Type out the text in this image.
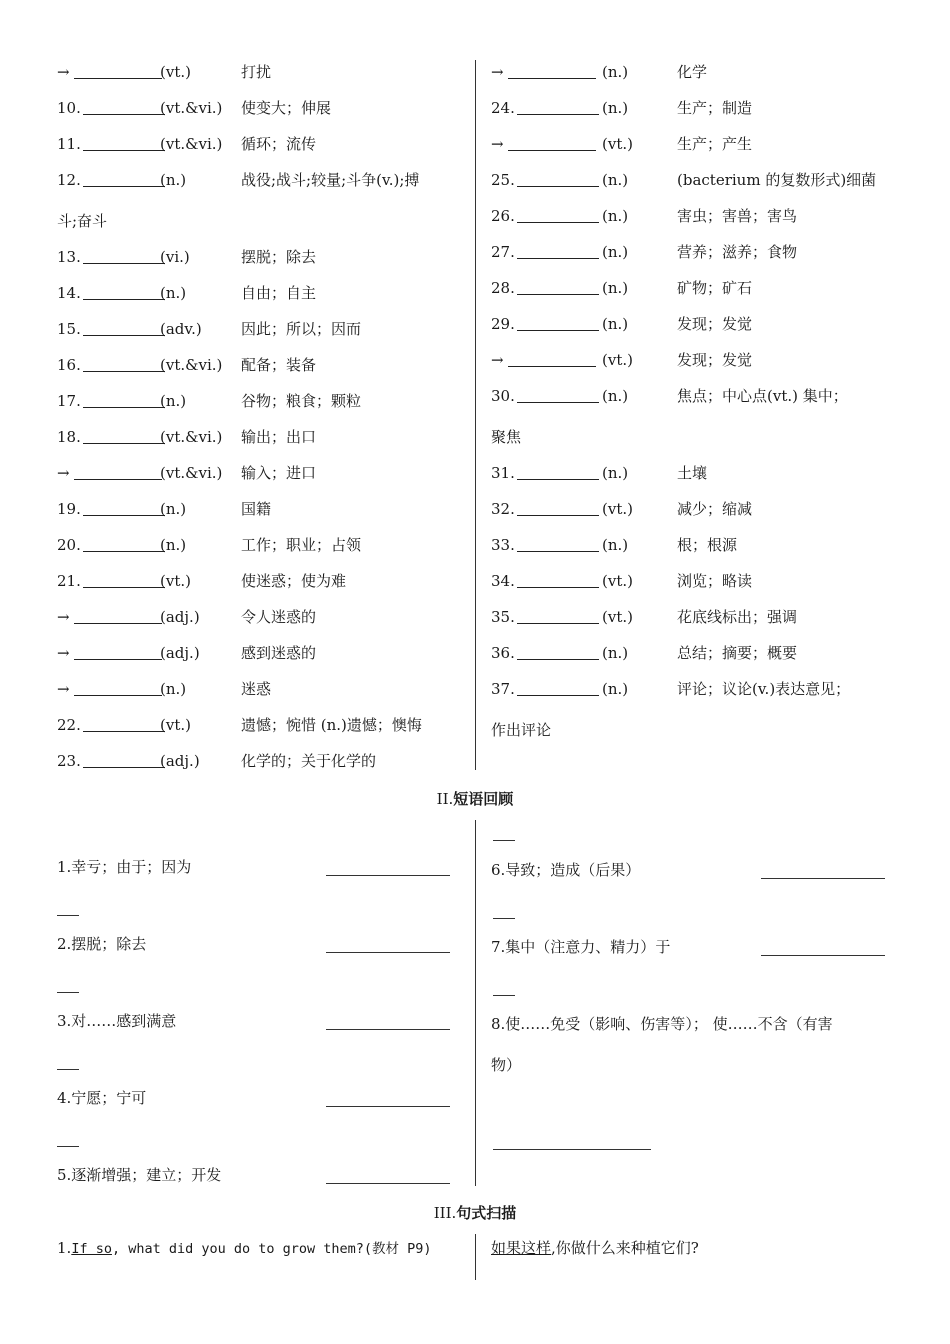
→	(vt.)	打扰
10.	(vt.&vi.) 使变大；伸展
11.	(vt.&vi.) 循环；流传
12.	(n.)	战役;战斗;较量;斗争(v.);搏
斗;奋斗
13.	(vi.)	摆脱；除去
14.	(n.)	自由；自主
15.	(adv.)	因此；所以；因而
16.	(vt.&vi.) 配备；装备
17.	(n.)	谷物；粮食；颗粒
18.	(vt.&vi.) 输出；出口
→	(vt.&vi.) 输入；进口
19.	(n.)	国籍
20.	(n.)	工作；职业；占领
21.	(vt.)	使迷惑；使为难
→	(adj.)	令人迷惑的
→	(adj.)	感到迷惑的
→	(n.)	迷惑
22.	(vt.)	遗憾；惋惜 (n.)遗憾；懊悔
23.	(adj.)	化学的；关于化学的
→	(n.)	化学
24.	(n.)	生产；制造
→	(vt.)	生产；产生
25.	(n.)	(bacterium 的复数形式)细菌
26.	(n.)	害虫；害兽；害鸟
27.	(n.)	营养；滋养；食物
28.	(n.)	矿物；矿石
29.	(n.)	发现；发觉
→	(vt.)	发现；发觉
30.	(n.)	焦点；中心点(vt.) 集中；
聚焦
31.	(n.)	土壤
32.	(vt.)	减少；缩减
33.	(n.)	根；根源
34.	(vt.)	浏览；略读
35.	(vt.)	花底线标出；强调
36.	(n.)	总结；摘要；概要
37.	(n.)	评论；议论(v.)表达意见；
作出评论
II.短语回顾
1.幸亏；由于；因为
2.摆脱；除去
3.对……感到满意
4.宁愿；宁可
5.逐渐增强；建立；开发
6.导致；造成（后果）
7.集中（注意力、精力）于
8.使……免受（影响、伤害等）； 使……不含（有害
物）
III.句式扫描
1.If so, what did you do to grow them?(教材 P9)	如果这样,你做什么来种植它们?
